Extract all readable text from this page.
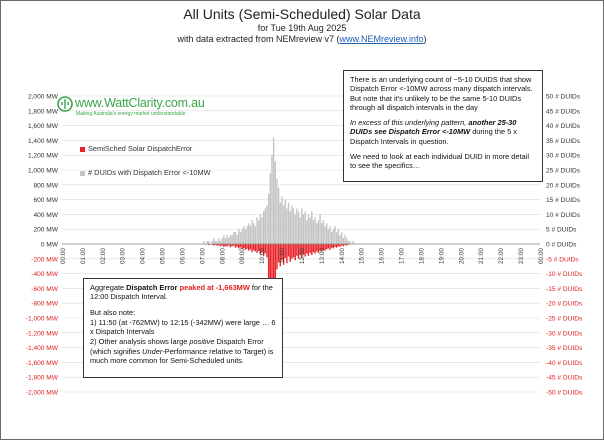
All Units (Semi-Scheduled) Solar Data
for Tue 19th Aug 2025
with data extracted from NEMreview v7 (www.NEMreview.info)
2,000 MW	50 # DUIDs
1,800 MW	45 # DUIDs
1,600 MW	40 # DUIDs
1,400 MW	35 # DUIDs
1,200 MW	30 # DUIDs
1,000 MW	25 # DUIDs
800 MW	20 # DUIDs
600 MW	15 # DUIDs
400 MW	10 # DUIDs
200 MW	5 # DUIDs
0 MW	0 # DUIDs
-200 MW	-5 # DUIDs
-400 MW	-10 # DUIDs
-600 MW	-15 # DUIDs
-800 MW	-20 # DUIDs
-1,000 MW	-25 # DUIDs
-1,200 MW	-30 # DUIDs
-1,400 MW	-35 # DUIDs
-1,600 MW	-40 # DUIDs
-1,800 MW	-45 # DUIDs
-2,000 MW	-50 # DUIDs
00:00 01:00 02:00 03:00 04:00 05:00 06:00 07:00 08:00 09:00 10:00 11:00 12:00 13:00 14:00 15:00 16:00 17:00 18:00 19:00 20:00 21:00 22:00 23:00 00:00
www.WattClarity.com.au
Making Australia's energy market understandable
SemiSched Solar DispatchError
# DUIDs with Dispatch Error <-10MW

There is an underlying count of ~5-10 DUIDS that show Dispatch Error <-10MW across many dispatch intervals. But note that it's unlikely to be the same 5-10 DUIDs through all dispatch intervals in the day

In excess of this underlying pattern, another 25-30 DUIDs see Dispatch Error <-10MW during the 5 x Dispatch Intervals in question.

We need to look at each individual DUID in more detail to see the specifics…

Aggregate Dispatch Error peaked at -1,663MW for the 12:00 Dispatch Interval.

But also note:

1) 11:50 (at -762MW) to 12:15 (-342MW) were large … 6 x Dispatch Intervals

2) Other analysis shows large positive Dispatch Error (which signifies Under-Performance relative to Target) is much more common for Semi-Scheduled units.
